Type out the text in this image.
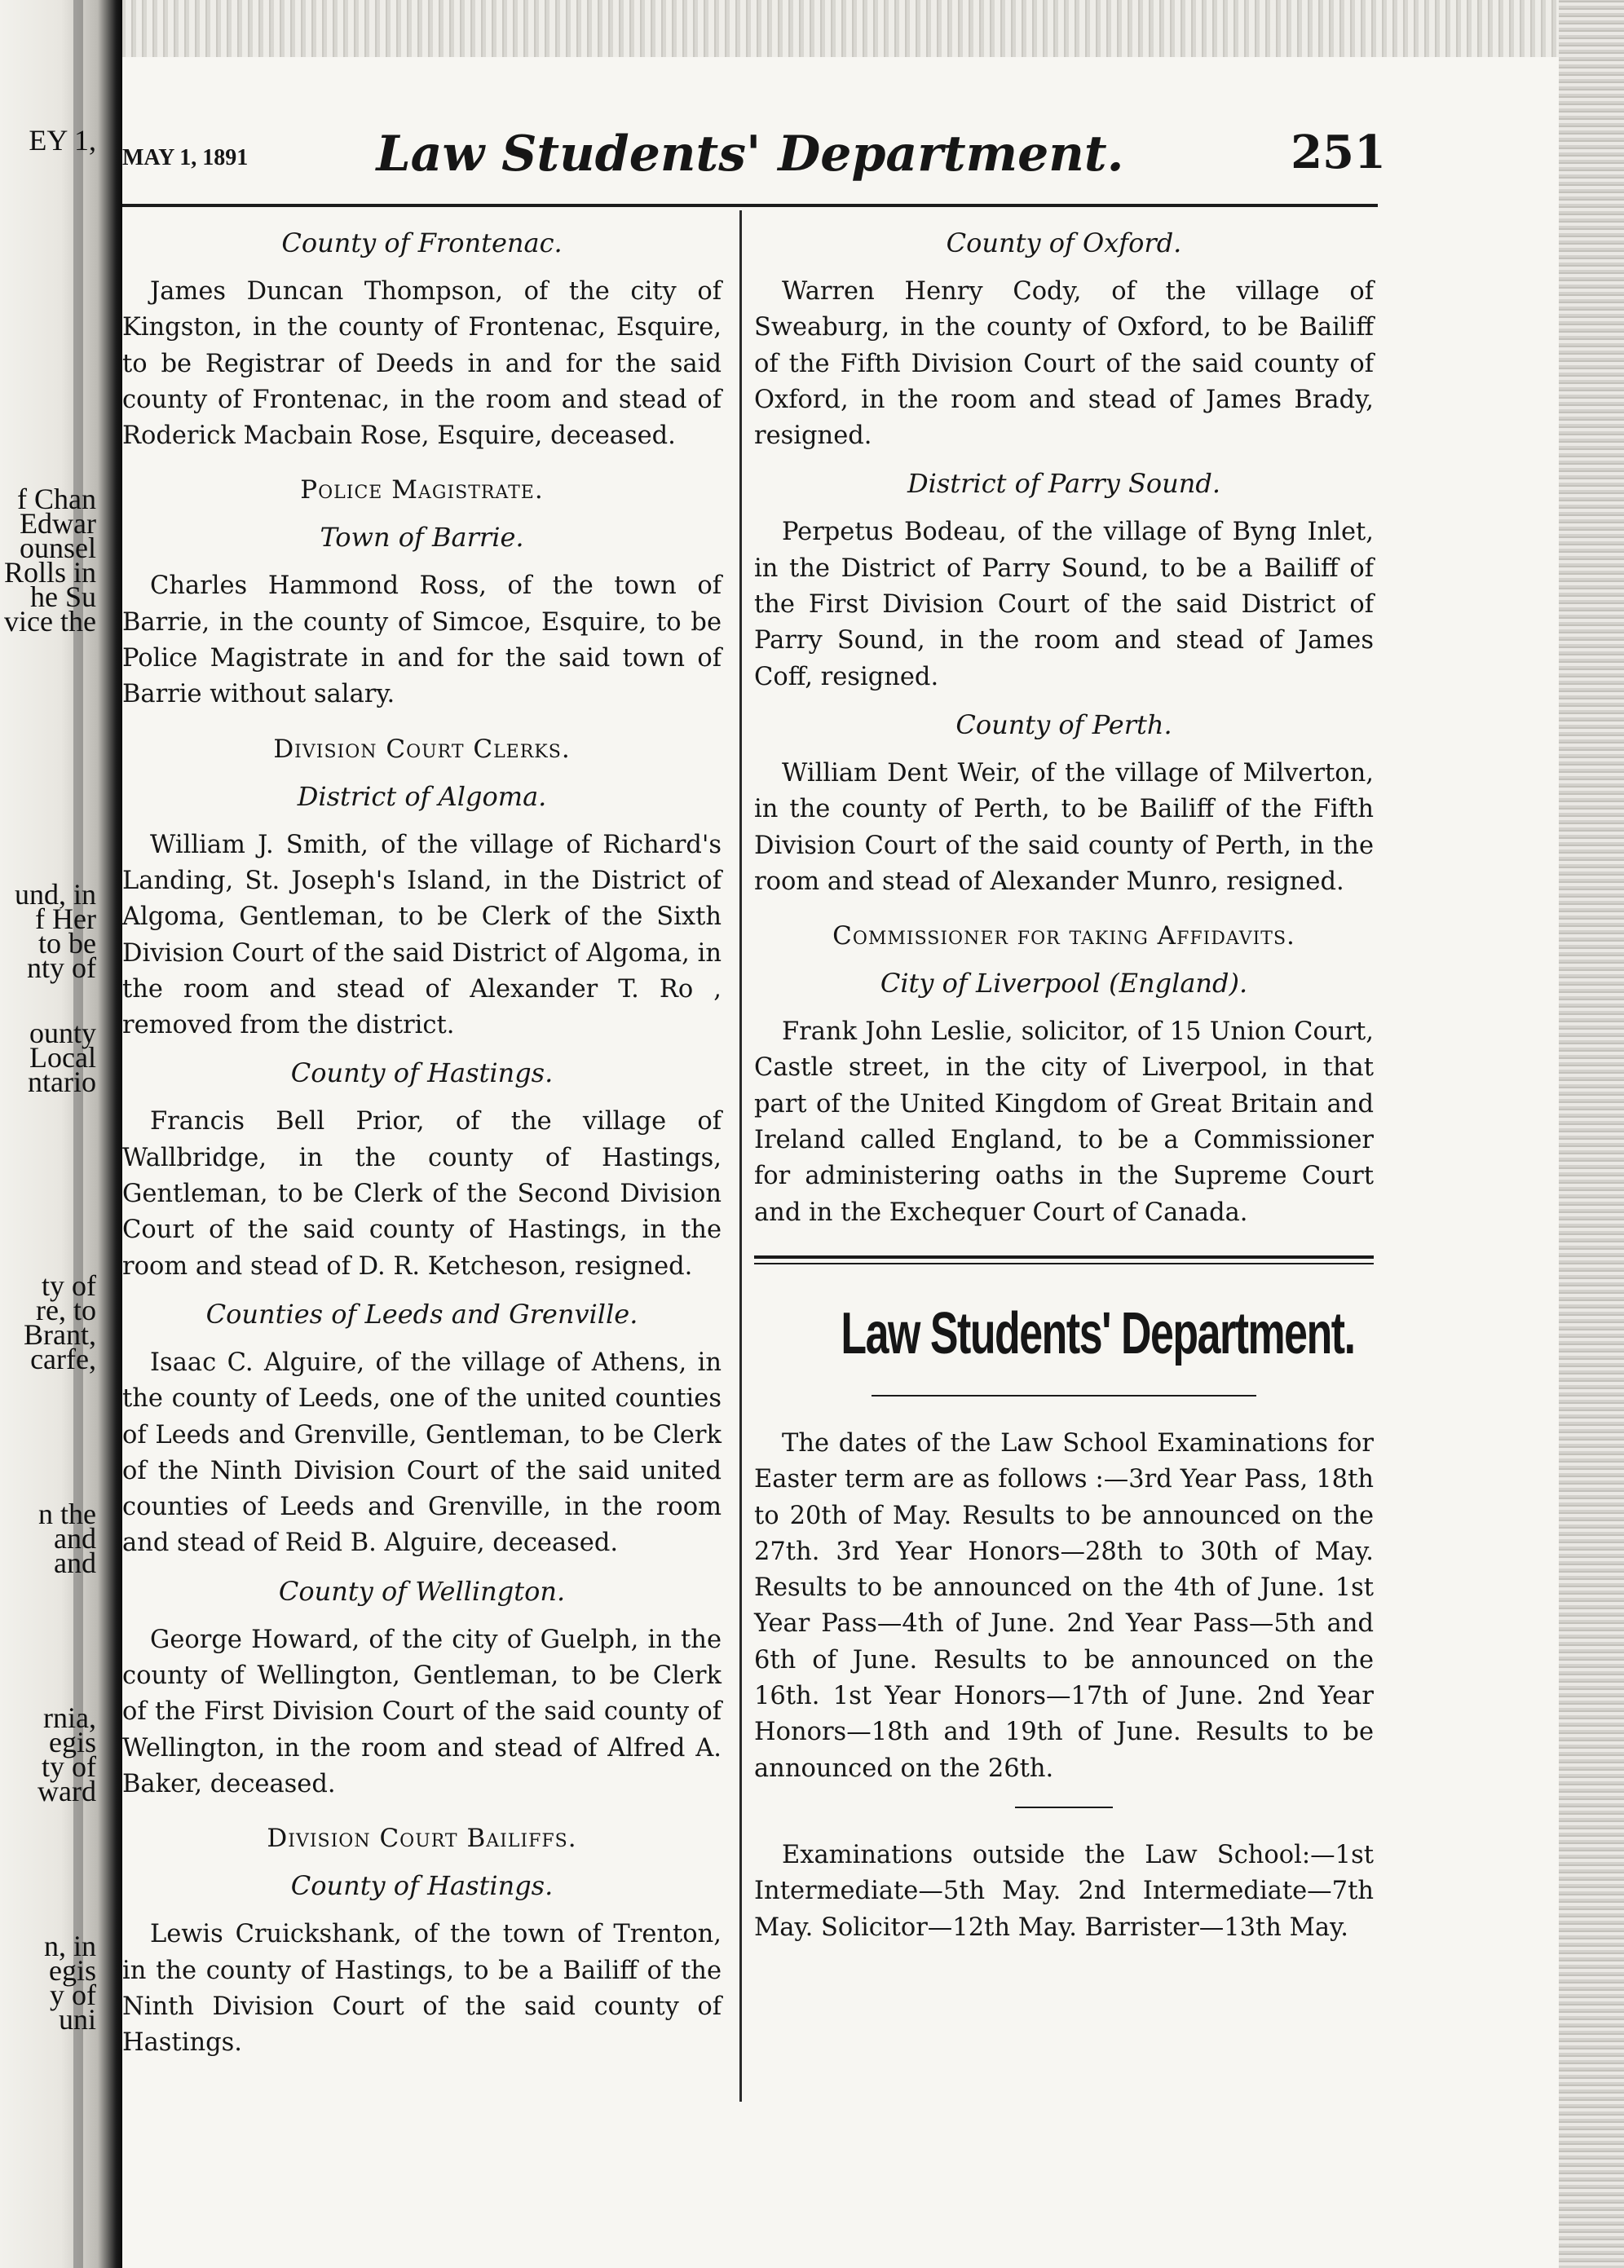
EY 1,
f Chan
Edwar
ounsel
Rolls in
he Su
vice the
und, in
f Her
to be
nty of
ounty
Local
ntario
ty of
re, to
Brant,
carfe,
n the
and
and
rnia,
egis
ty of
ward
n, in
egis
y of
uni
MAY 1, 1891	Law Students' Department.	251
County of Frontenac.

James Duncan Thompson, of the city of Kingston, in the county of Frontenac, Esquire, to be Registrar of Deeds in and for the said county of Frontenac, in the room and stead of Roderick Macbain Rose, Esquire, deceased.

Police Magistrate.
Town of Barrie.

Charles Hammond Ross, of the town of Barrie, in the county of Simcoe, Esquire, to be Police Magistrate in and for the said town of Barrie without salary.

Division Court Clerks.
District of Algoma.

William J. Smith, of the village of Richard's Landing, St. Joseph's Island, in the District of Algoma, Gentleman, to be Clerk of the Sixth Division Court of the said District of Algoma, in the room and stead of Alexander T. Ro , removed from the district.

County of Hastings.

Francis Bell Prior, of the village of Wallbridge, in the county of Hastings, Gentleman, to be Clerk of the Second Division Court of the said county of Hastings, in the room and stead of D. R. Ketcheson, resigned.

Counties of Leeds and Grenville.

Isaac C. Alguire, of the village of Athens, in the county of Leeds, one of the united counties of Leeds and Grenville, Gentleman, to be Clerk of the Ninth Division Court of the said united counties of Leeds and Grenville, in the room and stead of Reid B. Alguire, deceased.

County of Wellington.

George Howard, of the city of Guelph, in the county of Wellington, Gentleman, to be Clerk of the First Division Court of the said county of Wellington, in the room and stead of Alfred A. Baker, deceased.

Division Court Bailiffs.
County of Hastings.

Lewis Cruickshank, of the town of Trenton, in the county of Hastings, to be a Bailiff of the Ninth Division Court of the said county of Hastings.

County of Oxford.

Warren Henry Cody, of the village of Sweaburg, in the county of Oxford, to be Bailiff of the Fifth Division Court of the said county of Oxford, in the room and stead of James Brady, resigned.

District of Parry Sound.

Perpetus Bodeau, of the village of Byng Inlet, in the District of Parry Sound, to be a Bailiff of the First Division Court of the said District of Parry Sound, in the room and stead of James Coff, resigned.

County of Perth.

William Dent Weir, of the village of Milverton, in the county of Perth, to be Bailiff of the Fifth Division Court of the said county of Perth, in the room and stead of Alexander Munro, resigned.

Commissioner for taking Affidavits.
City of Liverpool (England).

Frank John Leslie, solicitor, of 15 Union Court, Castle street, in the city of Liverpool, in that part of the United Kingdom of Great Britain and Ireland called England, to be a Commissioner for administering oaths in the Supreme Court and in the Exchequer Court of Canada.

Law Students' Department.

The dates of the Law School Examinations for Easter term are as follows :—3rd Year Pass, 18th to 20th of May. Results to be announced on the 27th. 3rd Year Honors—28th to 30th of May. Results to be announced on the 4th of June. 1st Year Pass—4th of June. 2nd Year Pass—5th and 6th of June. Results to be announced on the 16th. 1st Year Honors—17th of June. 2nd Year Honors—18th and 19th of June. Results to be announced on the 26th.

Examinations outside the Law School:—1st Intermediate—5th May. 2nd Intermediate—7th May. Solicitor—12th May. Barrister—13th May.
